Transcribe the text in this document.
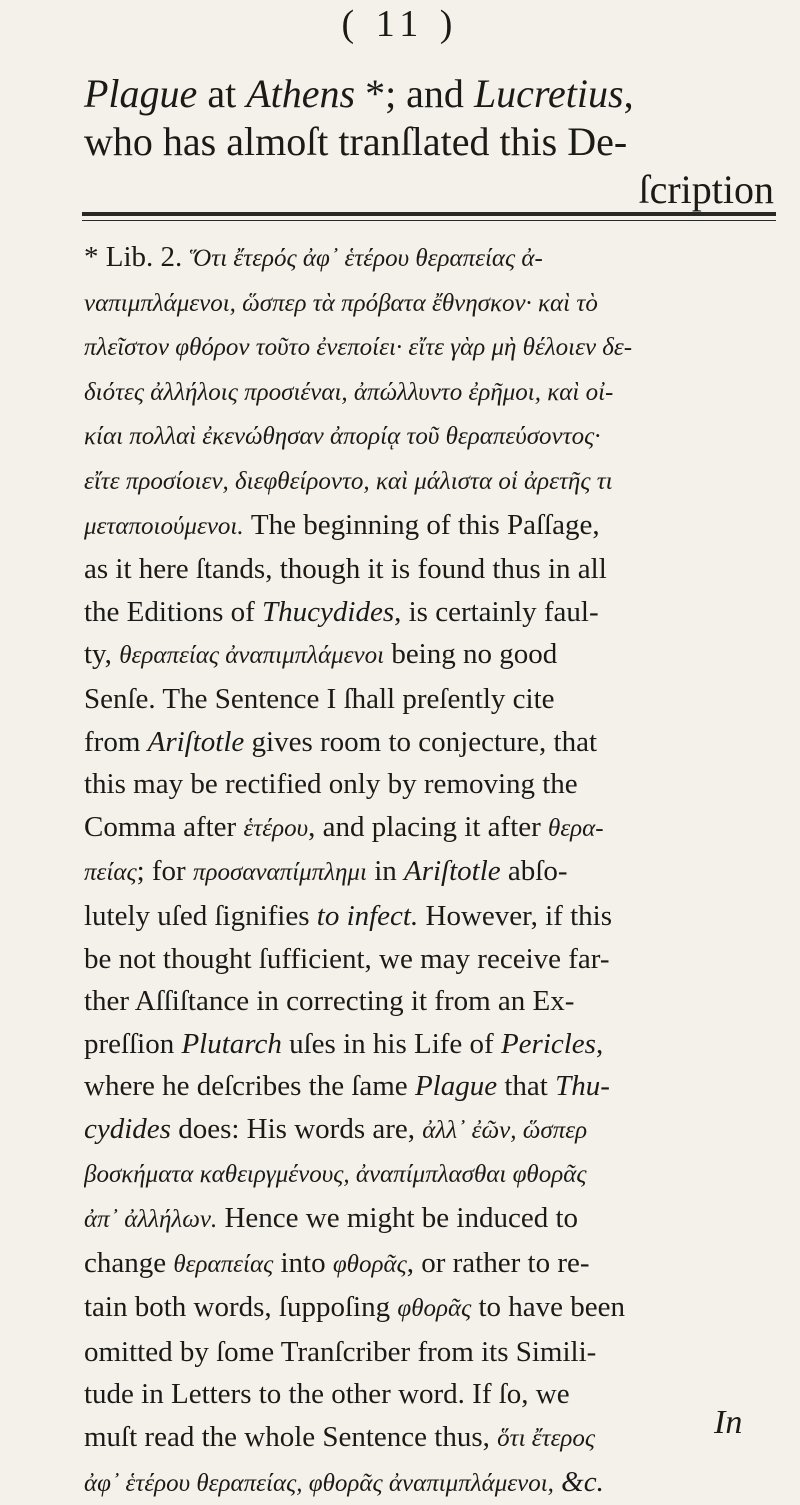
( 11 )

Plague at Athens *; and Lucretius,

who has almoſt tranſlated this De-

ſcription

* Lib. 2. Ὅτι ἔτερός ἀφ᾽ ἑτέρου θεραπείας ἀ-
ναπιμπλάμενοι, ὥσπερ τὰ πρόβατα ἔθνησκον· καὶ τὸ
πλεῖστον φθόρον τοῦτο ἐνεποίει· εἴτε γὰρ μὴ θέλοιεν δε-
διότες ἀλλήλοις προσιέναι, ἀπώλλυντο ἐρῆμοι, καὶ οἰ-
κίαι πολλαὶ ἐκενώθησαν ἀπορίᾳ τοῦ θεραπεύσοντος·
εἴτε προσίοιεν, διεφθείροντο, καὶ μάλιστα οἱ ἀρετῆς τι
μεταποιούμενοι. The beginning of this Paſſage,
as it here ſtands, though it is found thus in all
the Editions of Thucydides, is certainly faul-
ty, θεραπείας ἀναπιμπλάμενοι being no good
Senſe. The Sentence I ſhall preſently cite
from Ariſtotle gives room to conjecture, that
this may be rectified only by removing the
Comma after ἑτέρου, and placing it after θερα-
πείας; for προσαναπίμπλημι in Ariſtotle abſo-
lutely uſed ſignifies to infect. However, if this
be not thought ſufficient, we may receive far-
ther Aſſiſtance in correcting it from an Ex-
preſſion Plutarch uſes in his Life of Pericles,
where he deſcribes the ſame Plague that Thu-
cydides does: His words are, ἀλλ᾽ ἐῶν, ὥσπερ
βοσκήματα καθειργμένους, ἀναπίμπλασθαι φθορᾶς
ἀπ᾽ ἀλλήλων. Hence we might be induced to
change θεραπείας into φθορᾶς, or rather to re-
tain both words, ſuppoſing φθορᾶς to have been
omitted by ſome Tranſcriber from its Simili-
tude in Letters to the other word. If ſo, we
muſt read the whole Sentence thus, ὅτι ἔτερος
ἀφ᾽ ἑτέρου θεραπείας, φθορᾶς ἀναπιμπλάμενοι, &c.
In
